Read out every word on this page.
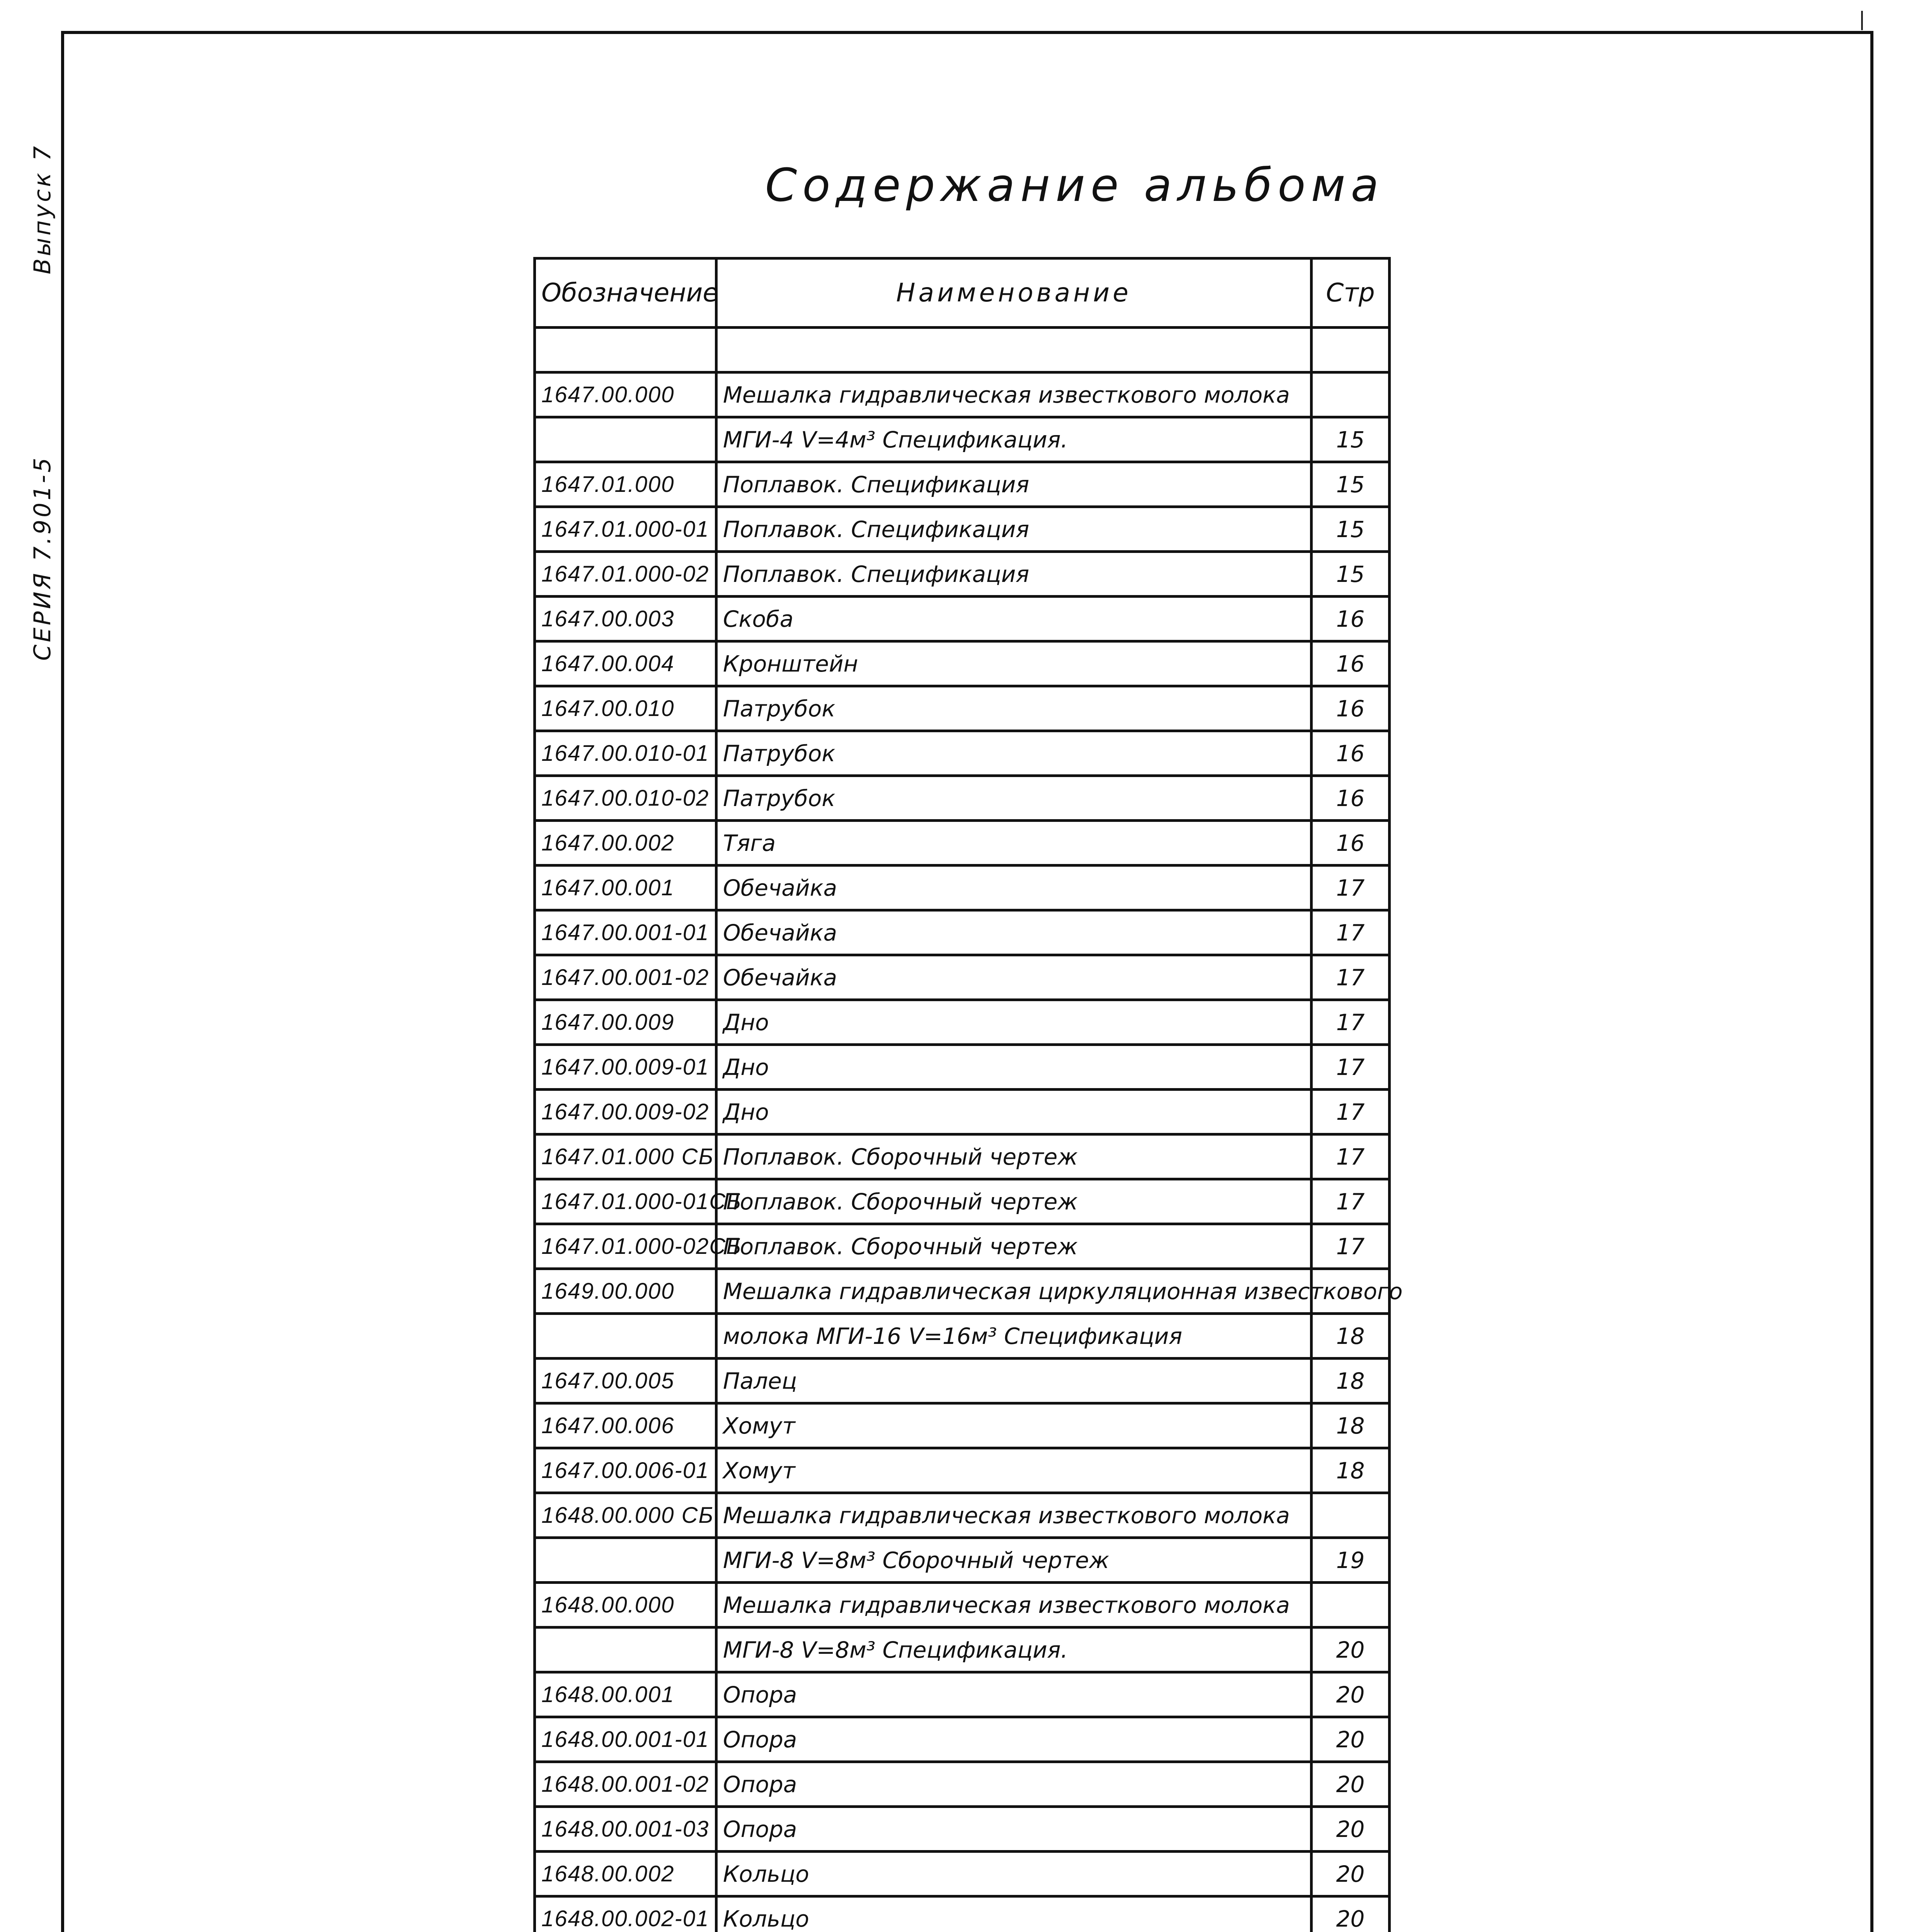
|
Выпуск 7
СЕРИЯ 7.901-5
Содержание альбома
Обозначение	Наименование	Стр

1647.00.000	Мешалка гидравлическая известкового молока	
	МГИ-4 V=4м³ Спецификация.	15
1647.01.000	Поплавок. Спецификация	15
1647.01.000-01	Поплавок. Спецификация	15
1647.01.000-02	Поплавок. Спецификация	15
1647.00.003	Скоба	16
1647.00.004	Кронштейн	16
1647.00.010	Патрубок	16
1647.00.010-01	Патрубок	16
1647.00.010-02	Патрубок	16
1647.00.002	Тяга	16
1647.00.001	Обечайка	17
1647.00.001-01	Обечайка	17
1647.00.001-02	Обечайка	17
1647.00.009	Дно	17
1647.00.009-01	Дно	17
1647.00.009-02	Дно	17
1647.01.000 СБ	Поплавок. Сборочный чертеж	17
1647.01.000-01СБ	Поплавок. Сборочный чертеж	17
1647.01.000-02СБ	Поплавок. Сборочный чертеж	17
1649.00.000	Мешалка гидравлическая циркуляционная известкового	
	молока МГИ-16 V=16м³ Спецификация	18
1647.00.005	Палец	18
1647.00.006	Хомут	18
1647.00.006-01	Хомут	18
1648.00.000 СБ	Мешалка гидравлическая известкового молока	
	МГИ-8 V=8м³ Сборочный чертеж	19
1648.00.000	Мешалка гидравлическая известкового молока	
	МГИ-8 V=8м³ Спецификация.	20
1648.00.001	Опора	20
1648.00.001-01	Опора	20
1648.00.001-02	Опора	20
1648.00.001-03	Опора	20
1648.00.002	Кольцо	20
1648.00.002-01	Кольцо	20
